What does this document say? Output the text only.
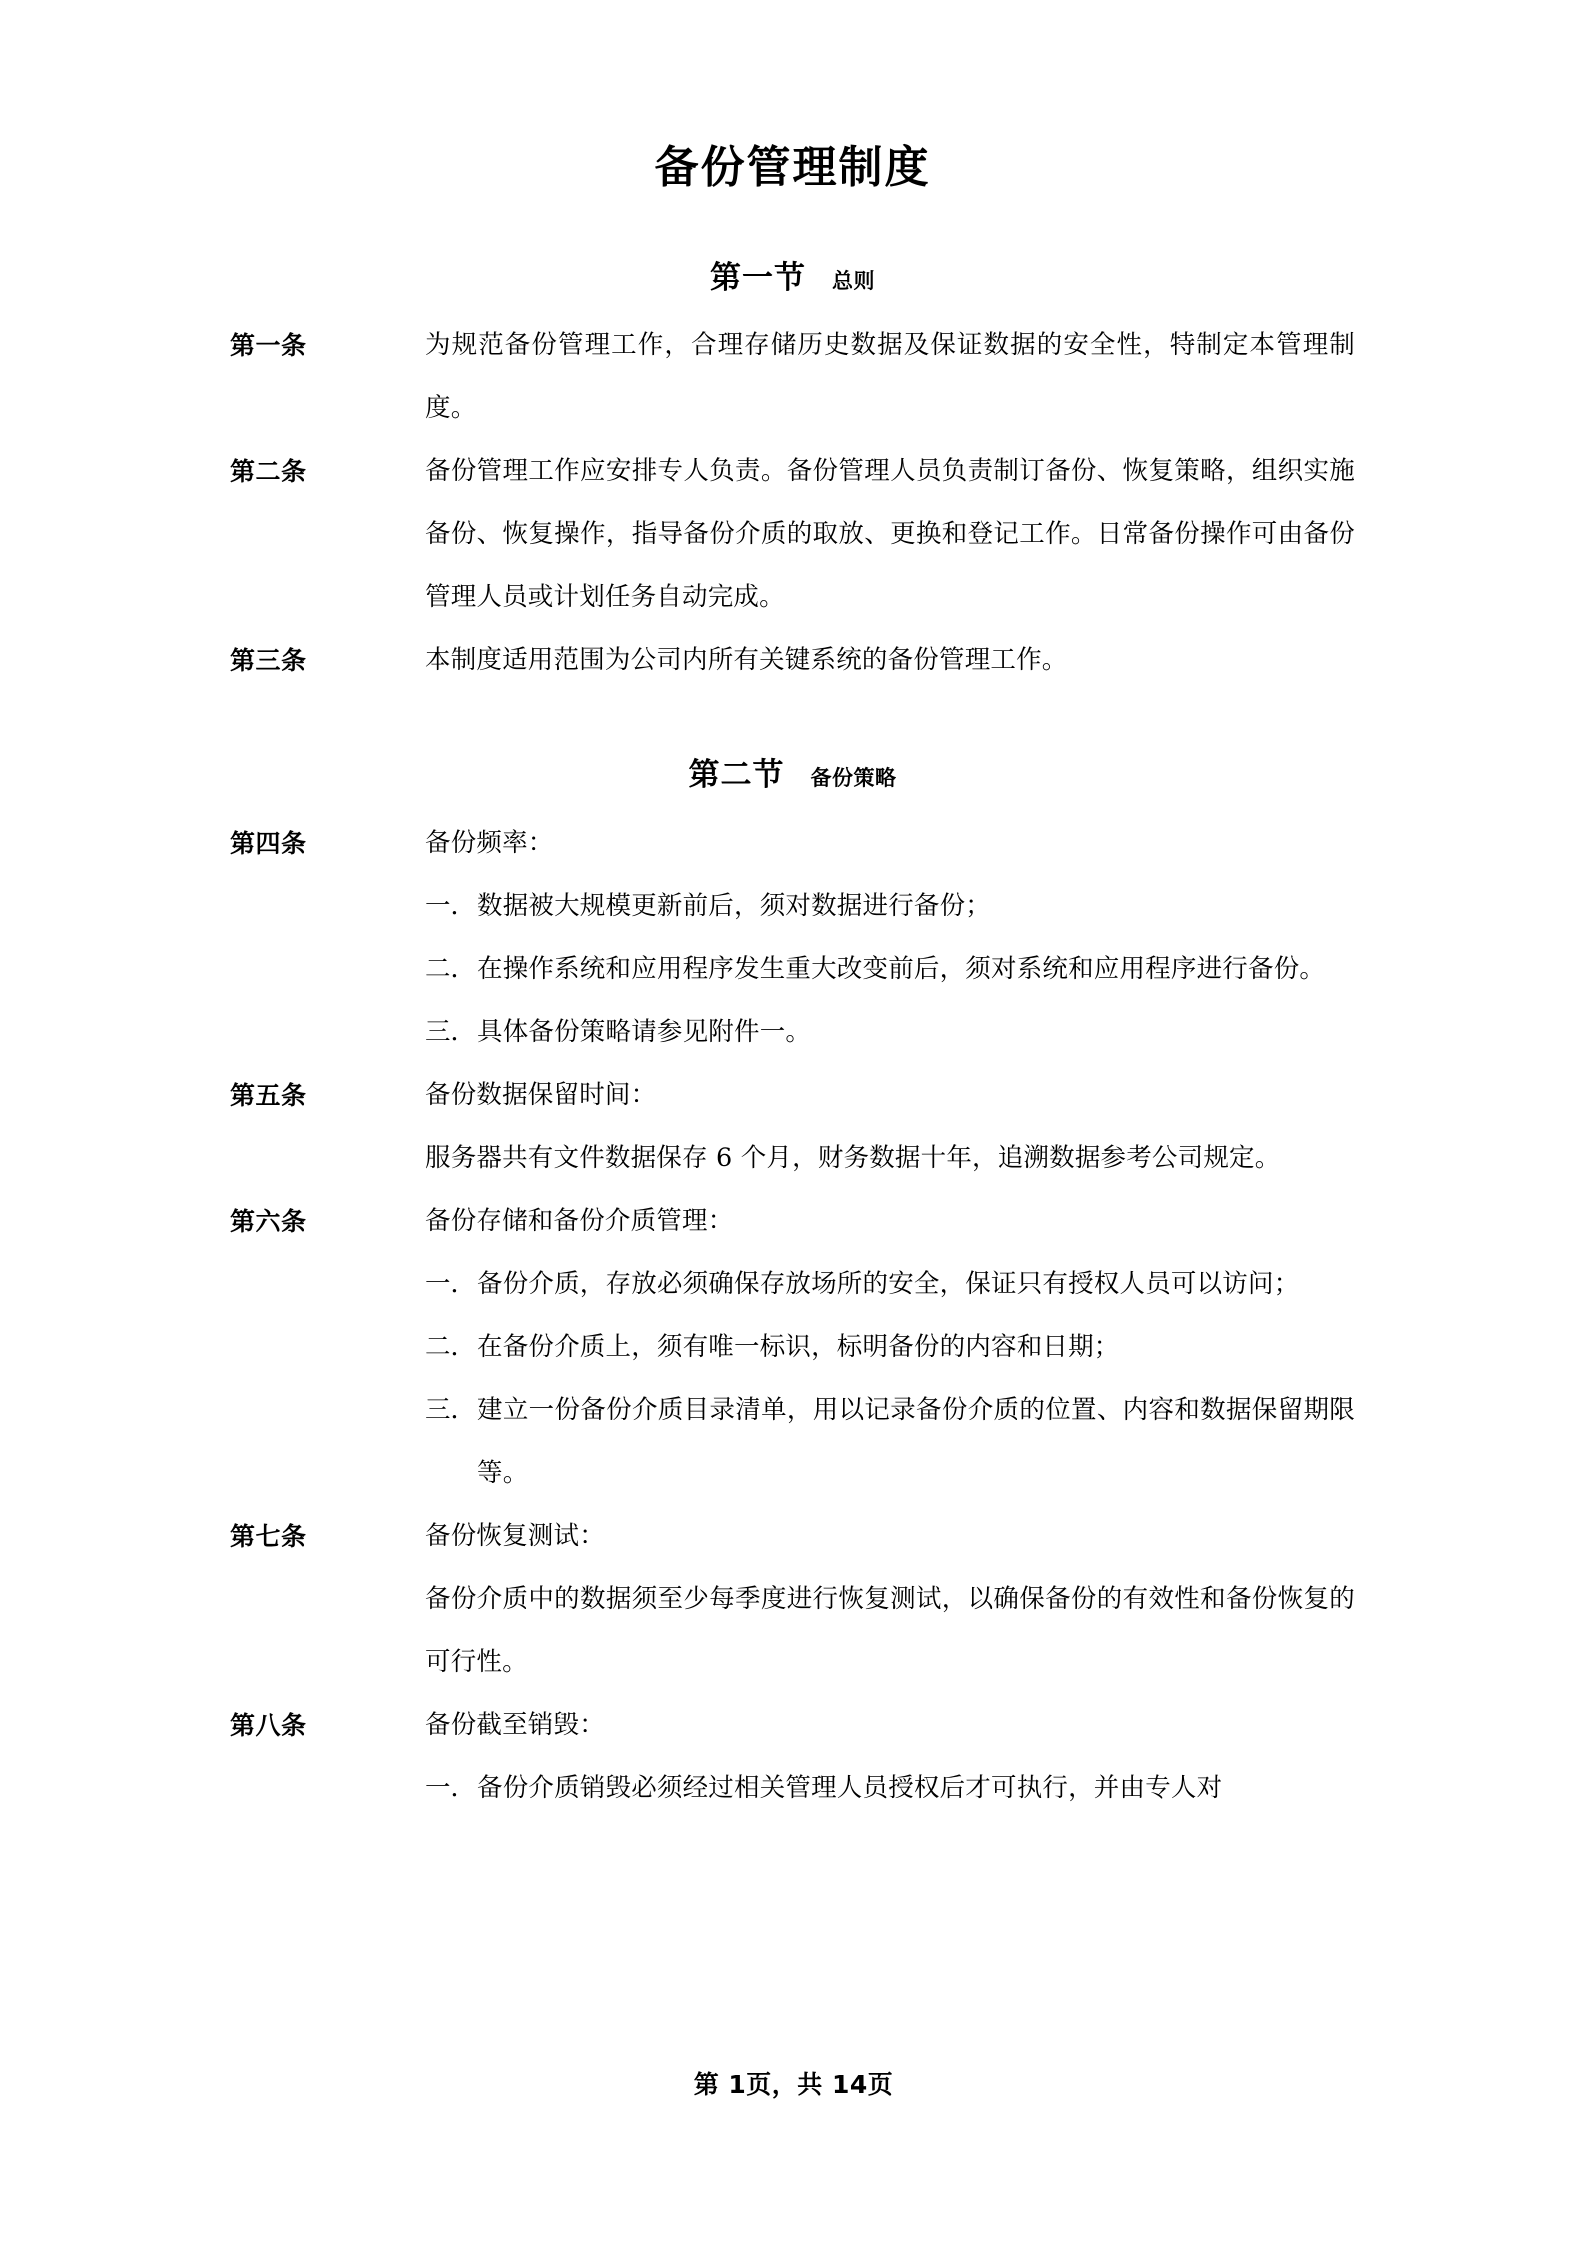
备份管理制度
第一节 总则
第一条	为规范备份管理工作，合理存储历史数据及保证数据的安全性，特制定本管理制度。

第二条	备份管理工作应安排专人负责。备份管理人员负责制订备份、恢复策略，组织实施备份、恢复操作，指导备份介质的取放、更换和登记工作。日常备份操作可由备份管理人员或计划任务自动完成。

第三条	本制度适用范围为公司内所有关键系统的备份管理工作。

第二节 备份策略
第四条	备份频率：

一． 数据被大规模更新前后，须对数据进行备份；
二． 在操作系统和应用程序发生重大改变前后，须对系统和应用程序进行备份。
三． 具体备份策略请参见附件一。
第五条	备份数据保留时间：

服务器共有文件数据保存 6 个月，财务数据十年，追溯数据参考公司规定。

第六条	备份存储和备份介质管理：

一． 备份介质，存放必须确保存放场所的安全，保证只有授权人员可以访问；
二． 在备份介质上，须有唯一标识，标明备份的内容和日期；
三． 建立一份备份介质目录清单，用以记录备份介质的位置、内容和数据保留期限等。
第七条	备份恢复测试：

备份介质中的数据须至少每季度进行恢复测试，以确保备份的有效性和备份恢复的可行性。

第八条	备份截至销毁：

一． 备份介质销毁必须经过相关管理人员授权后才可执行，并由专人对
第 1页，共 14页
